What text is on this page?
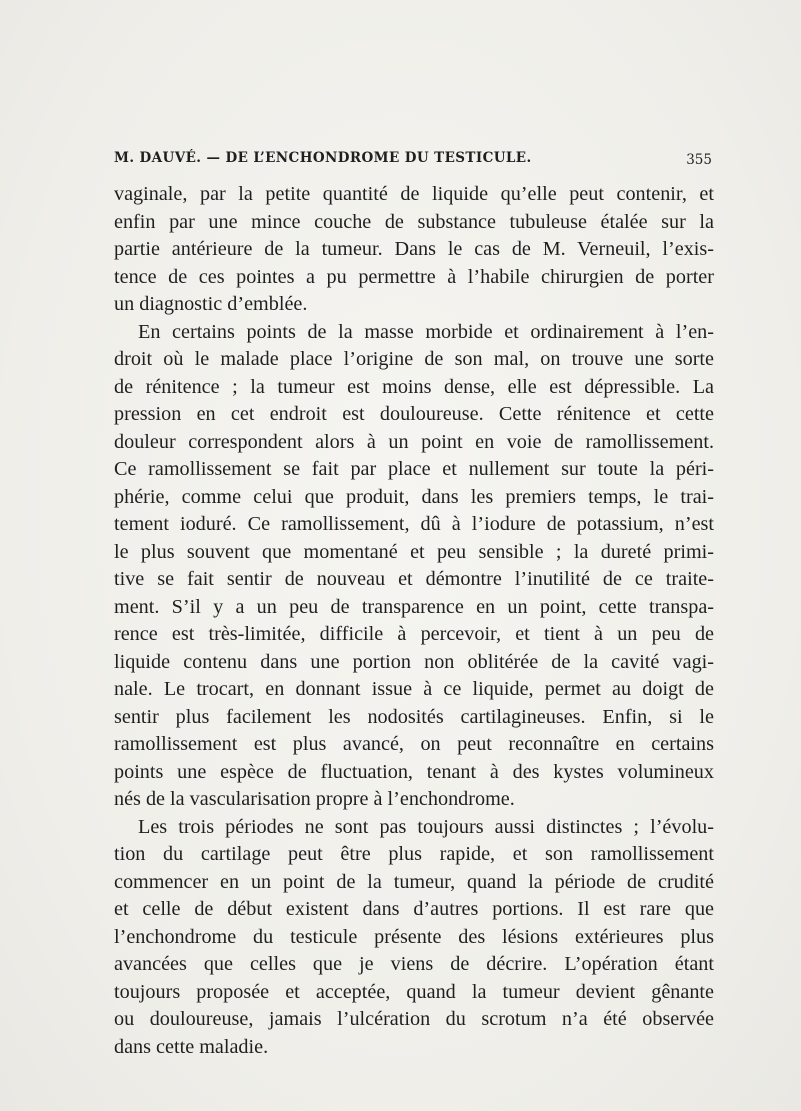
M. DAUVÉ. — DE L’ENCHONDROME DU TESTICULE.	355

vaginale, par la petite quantité de liquide qu’elle peut contenir, et
enfin par une mince couche de substance tubuleuse étalée sur la
partie antérieure de la tumeur. Dans le cas de M. Verneuil, l’exis-
tence de ces pointes a pu permettre à l’habile chirurgien de porter
un diagnostic d’emblée.

En certains points de la masse morbide et ordinairement à l’en-
droit où le malade place l’origine de son mal, on trouve une sorte
de rénitence ; la tumeur est moins dense, elle est dépressible. La
pression en cet endroit est douloureuse. Cette rénitence et cette
douleur correspondent alors à un point en voie de ramollissement.
Ce ramollissement se fait par place et nullement sur toute la péri-
phérie, comme celui que produit, dans les premiers temps, le trai-
tement ioduré. Ce ramollissement, dû à l’iodure de potassium, n’est
le plus souvent que momentané et peu sensible ; la dureté primi-
tive se fait sentir de nouveau et démontre l’inutilité de ce traite-
ment. S’il y a un peu de transparence en un point, cette transpa-
rence est très-limitée, difficile à percevoir, et tient à un peu de
liquide contenu dans une portion non oblitérée de la cavité vagi-
nale. Le trocart, en donnant issue à ce liquide, permet au doigt de
sentir plus facilement les nodosités cartilagineuses. Enfin, si le
ramollissement est plus avancé, on peut reconnaître en certains
points une espèce de fluctuation, tenant à des kystes volumineux
nés de la vascularisation propre à l’enchondrome.

Les trois périodes ne sont pas toujours aussi distinctes ; l’évolu-
tion du cartilage peut être plus rapide, et son ramollissement
commencer en un point de la tumeur, quand la période de crudité
et celle de début existent dans d’autres portions. Il est rare que
l’enchondrome du testicule présente des lésions extérieures plus
avancées que celles que je viens de décrire. L’opération étant
toujours proposée et acceptée, quand la tumeur devient gênante
ou douloureuse, jamais l’ulcération du scrotum n’a été observée
dans cette maladie.
